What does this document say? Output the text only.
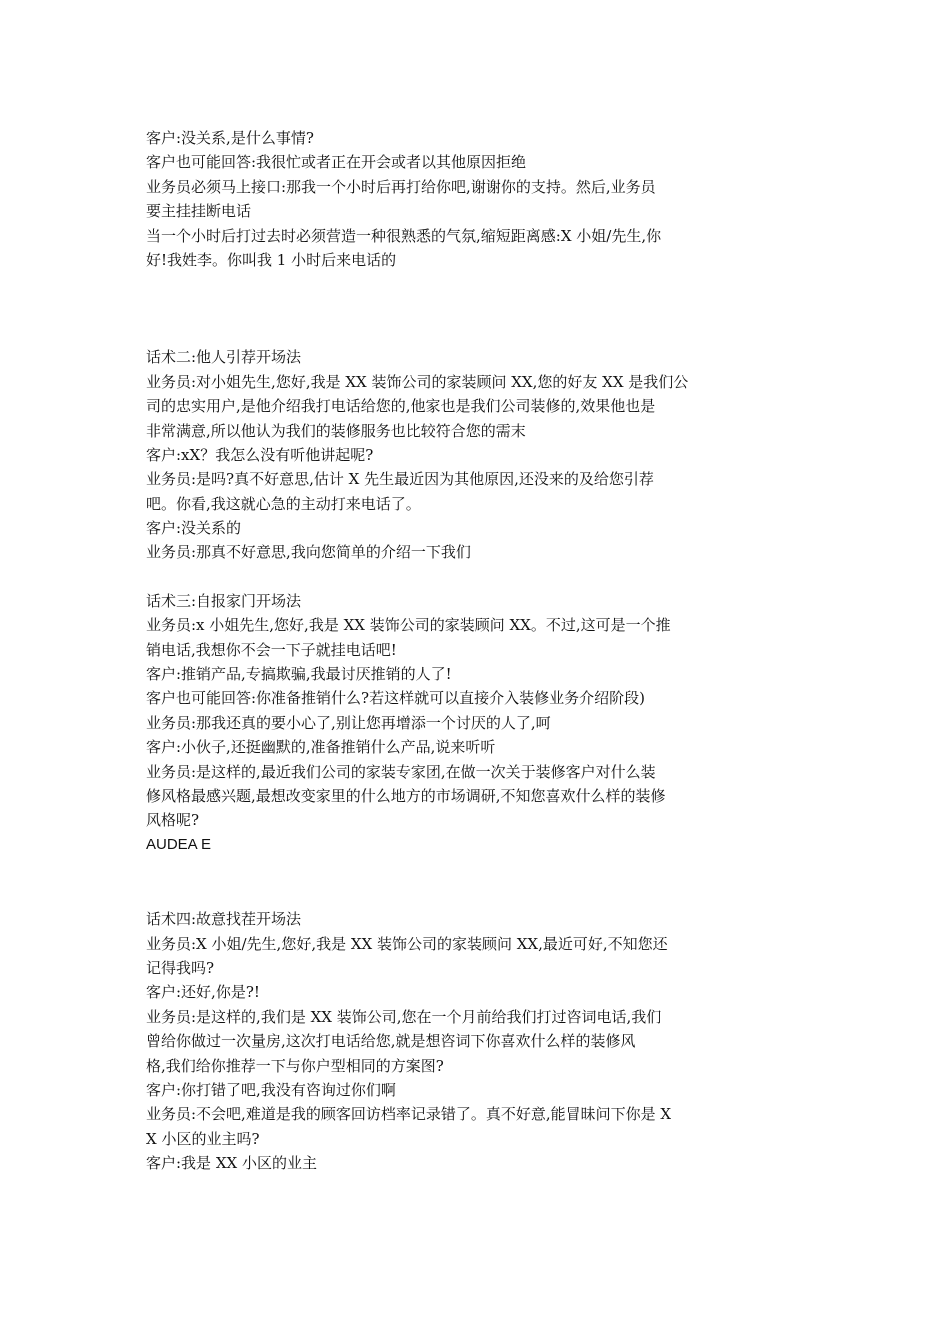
客户:没关系,是什么事情?
客户也可能回答:我很忙或者正在开会或者以其他原因拒绝
业务员必须马上接口:那我一个小时后再打给你吧,谢谢你的支持。然后,业务员
要主挂挂断电话
当一个小时后打过去时必须营造一种很熟悉的气氛,缩短距离感:X 小姐/先生,你
好!我姓李。你叫我 1 小时后来电话的
话术二:他人引荐开场法
业务员:对小姐先生,您好,我是 XX 装饰公司的家装顾问 XX,您的好友 XX 是我们公
司的忠实用户,是他介绍我打电话给您的,他家也是我们公司装修的,效果他也是
非常满意,所以他认为我们的装修服务也比较符合您的需末
客户:xX？我怎么没有听他讲起呢?
业务员:是吗?真不好意思,估计 X 先生最近因为其他原因,还没来的及给您引荐
吧。你看,我这就心急的主动打来电话了。
客户:没关系的
业务员:那真不好意思,我向您简单的介绍一下我们
话术三:自报家门开场法
业务员:x 小姐先生,您好,我是 XX 装饰公司的家装顾问 XX。不过,这可是一个推
销电话,我想你不会一下子就挂电话吧!
客户:推销产品,专搞欺骗,我最讨厌推销的人了!
客户也可能回答:你准备推销什么?若这样就可以直接介入装修业务介绍阶段)
业务员:那我还真的要小心了,别让您再增添一个讨厌的人了,呵
客户:小伙子,还挺幽默的,准备推销什么产品,说来听听
业务员:是这样的,最近我们公司的家装专家团,在做一次关于装修客户对什么装
修风格最感兴题,最想改变家里的什么地方的市场调研,不知您喜欢什么样的装修
风格呢?
AUDEA E
话术四:故意找茬开场法
业务员:X 小姐/先生,您好,我是 XX 装饰公司的家装顾问 XX,最近可好,不知您还
记得我吗?
客户:还好,你是?!
业务员:是这样的,我们是 XX 装饰公司,您在一个月前给我们打过咨词电话,我们
曾给你做过一次量房,这次打电话给您,就是想咨词下你喜欢什么样的装修风
格,我们给你推荐一下与你户型相同的方案图?
客户:你打错了吧,我没有咨询过你们啊
业务员:不会吧,难道是我的顾客回访档率记录错了。真不好意,能冒昧问下你是 X
X 小区的业主吗?
客户:我是 XX 小区的业主
